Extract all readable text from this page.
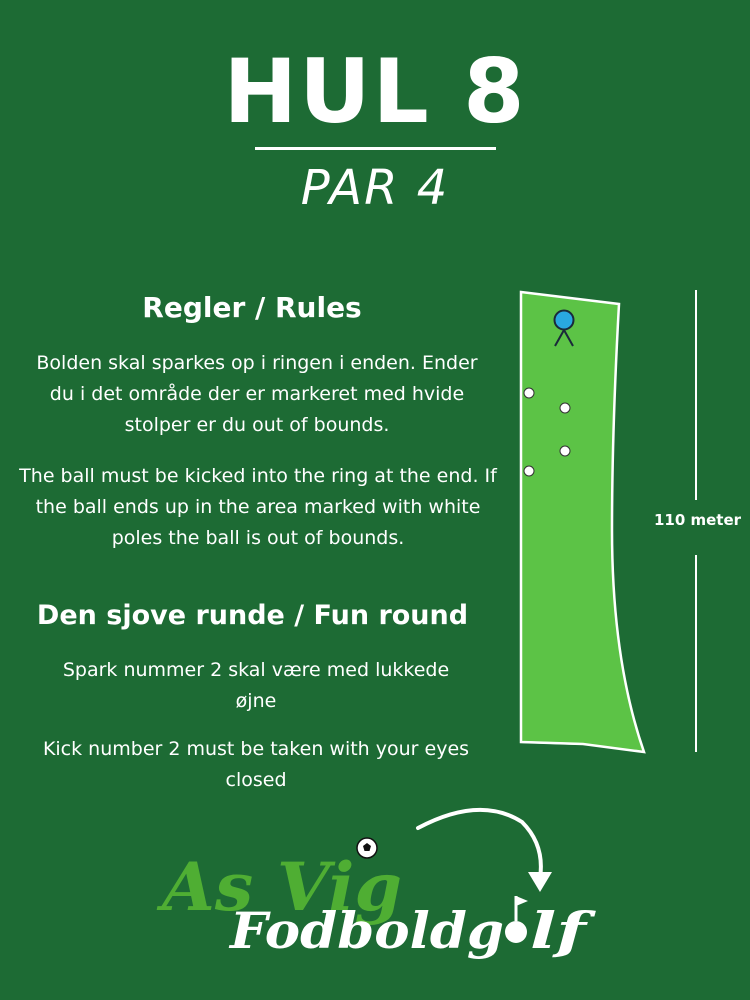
HUL 8
PAR 4
Regler / Rules
Bolden skal sparkes op i ringen i enden. Ender du i det område der er markeret med hvide stolper er du out of bounds.
The ball must be kicked into the ring at the end. If the ball ends up in the area marked with white poles the ball is out of bounds.
Den sjove runde / Fun round
Spark nummer 2 skal være med lukkede øjne
Kick number 2 must be taken with your eyes closed
110 meter
As Vig
Fodboldg lf
